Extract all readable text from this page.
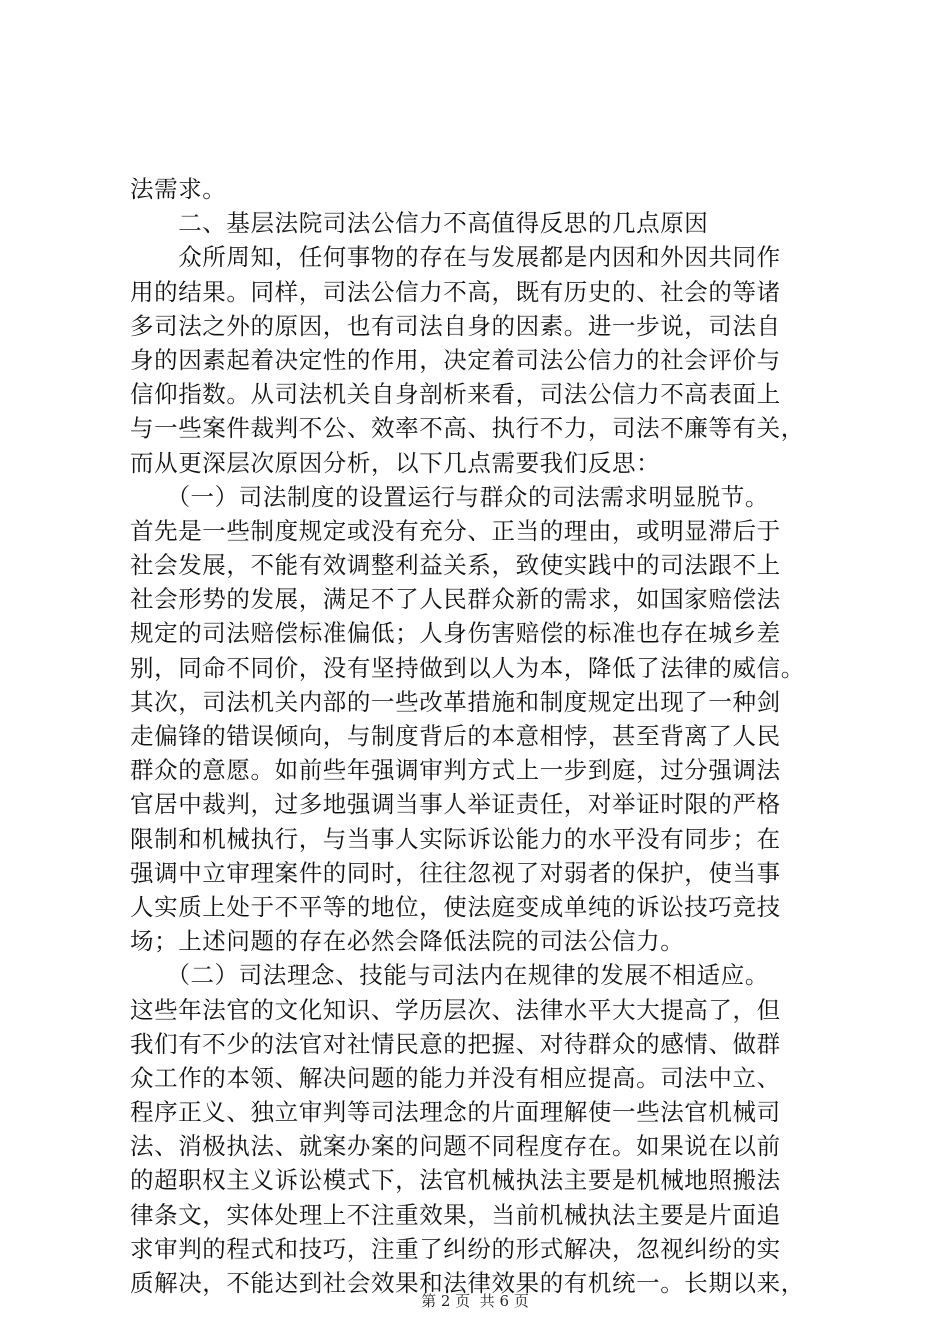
法需求。
　　二、基层法院司法公信力不高值得反思的几点原因
　　众所周知，任何事物的存在与发展都是内因和外因共同作
用的结果。同样，司法公信力不高，既有历史的、社会的等诸
多司法之外的原因，也有司法自身的因素。进一步说，司法自
身的因素起着决定性的作用，决定着司法公信力的社会评价与
信仰指数。从司法机关自身剖析来看，司法公信力不高表面上
与一些案件裁判不公、效率不高、执行不力，司法不廉等有关，
而从更深层次原因分析，以下几点需要我们反思：
　　（一）司法制度的设置运行与群众的司法需求明显脱节。
首先是一些制度规定或没有充分、正当的理由，或明显滞后于
社会发展，不能有效调整利益关系，致使实践中的司法跟不上
社会形势的发展，满足不了人民群众新的需求，如国家赔偿法
规定的司法赔偿标准偏低；人身伤害赔偿的标准也存在城乡差
别，同命不同价，没有坚持做到以人为本，降低了法律的威信。
其次，司法机关内部的一些改革措施和制度规定出现了一种剑
走偏锋的错误倾向，与制度背后的本意相悖，甚至背离了人民
群众的意愿。如前些年强调审判方式上一步到庭，过分强调法
官居中裁判，过多地强调当事人举证责任，对举证时限的严格
限制和机械执行，与当事人实际诉讼能力的水平没有同步；在
强调中立审理案件的同时，往往忽视了对弱者的保护，使当事
人实质上处于不平等的地位，使法庭变成单纯的诉讼技巧竞技
场；上述问题的存在必然会降低法院的司法公信力。
　　（二）司法理念、技能与司法内在规律的发展不相适应。
这些年法官的文化知识、学历层次、法律水平大大提高了，但
我们有不少的法官对社情民意的把握、对待群众的感情、做群
众工作的本领、解决问题的能力并没有相应提高。司法中立、
程序正义、独立审判等司法理念的片面理解使一些法官机械司
法、消极执法、就案办案的问题不同程度存在。如果说在以前
的超职权主义诉讼模式下，法官机械执法主要是机械地照搬法
律条文，实体处理上不注重效果，当前机械执法主要是片面追
求审判的程式和技巧，注重了纠纷的形式解决，忽视纠纷的实
质解决，不能达到社会效果和法律效果的有机统一。长期以来，
第 2 页  共 6 页
